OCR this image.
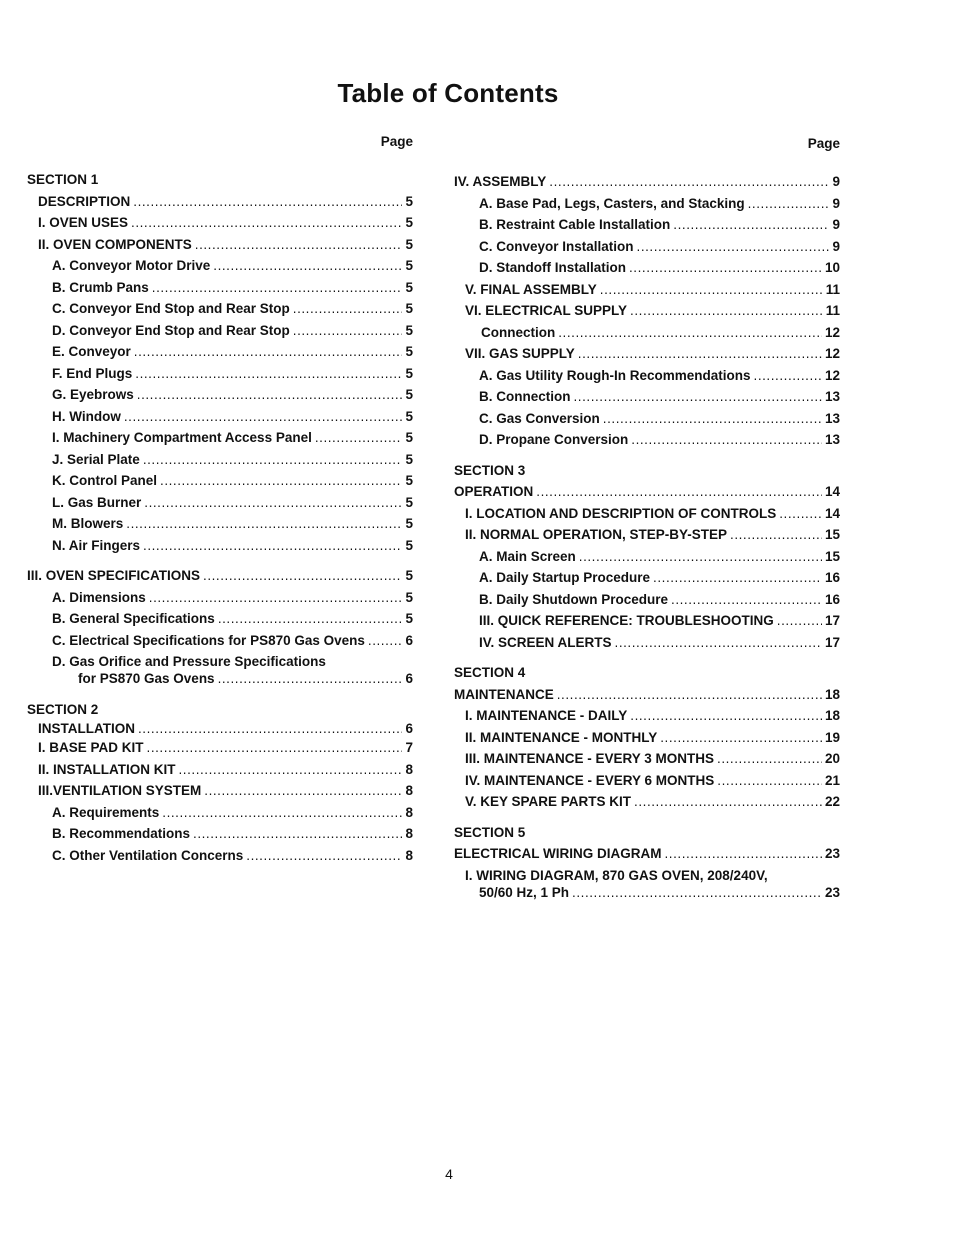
Table of Contents
Page
SECTION 1
DESCRIPTION . . .	5
I. OVEN USES . . .	5
II. OVEN COMPONENTS . . .	5
A. Conveyor Motor Drive . . .	5
B. Crumb Pans . . .	5
C. Conveyor End Stop and Rear Stop . . .	5
D. Conveyor End Stop and Rear Stop . . .	5
E. Conveyor . . .	5
F. End Plugs . . .	5
G. Eyebrows . . .	5
H. Window . . .	5
I. Machinery Compartment Access Panel . . .	5
J. Serial Plate . . .	5
K. Control Panel . . .	5
L. Gas Burner . . .	5
M. Blowers . . .	5
N. Air Fingers . . .	5
III. OVEN SPECIFICATIONS . . .	5
A. Dimensions . . .	5
B. General Specifications . . .	5
C. Electrical Specifications for PS870 Gas Ovens . . .	6
D. Gas Orifice and Pressure Specifications
for PS870 Gas Ovens . . .	6
SECTION 2
INSTALLATION . . .	6
I. BASE PAD KIT . . .	7
II. INSTALLATION KIT . . .	8
III.VENTILATION SYSTEM . . .	8
A. Requirements . . .	8
B. Recommendations . . .	8
C. Other Ventilation Concerns . . .	8
Page
IV. ASSEMBLY . . .	9
A. Base Pad, Legs, Casters, and Stacking . . .	9
B. Restraint Cable Installation . . .	9
C. Conveyor Installation . . .	9
D. Standoff Installation . . .	10
V. FINAL ASSEMBLY . . .	11
VI. ELECTRICAL SUPPLY . . .	11
Connection . . .	12
VII. GAS SUPPLY . . .	12
A. Gas Utility Rough-In Recommendations . . .	12
B. Connection . . .	13
C. Gas Conversion . . .	13
D. Propane Conversion . . .	13
SECTION 3
OPERATION . . .	14
I. LOCATION AND DESCRIPTION OF CONTROLS . . .	14
II. NORMAL OPERATION, STEP-BY-STEP . . .	15
A. Main Screen . . .	15
A. Daily Startup Procedure . . .	16
B. Daily Shutdown Procedure . . .	16
III. QUICK REFERENCE: TROUBLESHOOTING . . .	17
IV. SCREEN ALERTS . . .	17
SECTION 4
MAINTENANCE . . .	18
I. MAINTENANCE - DAILY . . .	18
II. MAINTENANCE - MONTHLY . . .	19
III. MAINTENANCE - EVERY 3 MONTHS . . .	20
IV. MAINTENANCE - EVERY 6 MONTHS . . .	21
V. KEY SPARE PARTS KIT . . .	22
SECTION 5
ELECTRICAL WIRING DIAGRAM . . .	23
I. WIRING DIAGRAM, 870 GAS OVEN, 208/240V,
50/60 Hz, 1 Ph . . .	23
4
